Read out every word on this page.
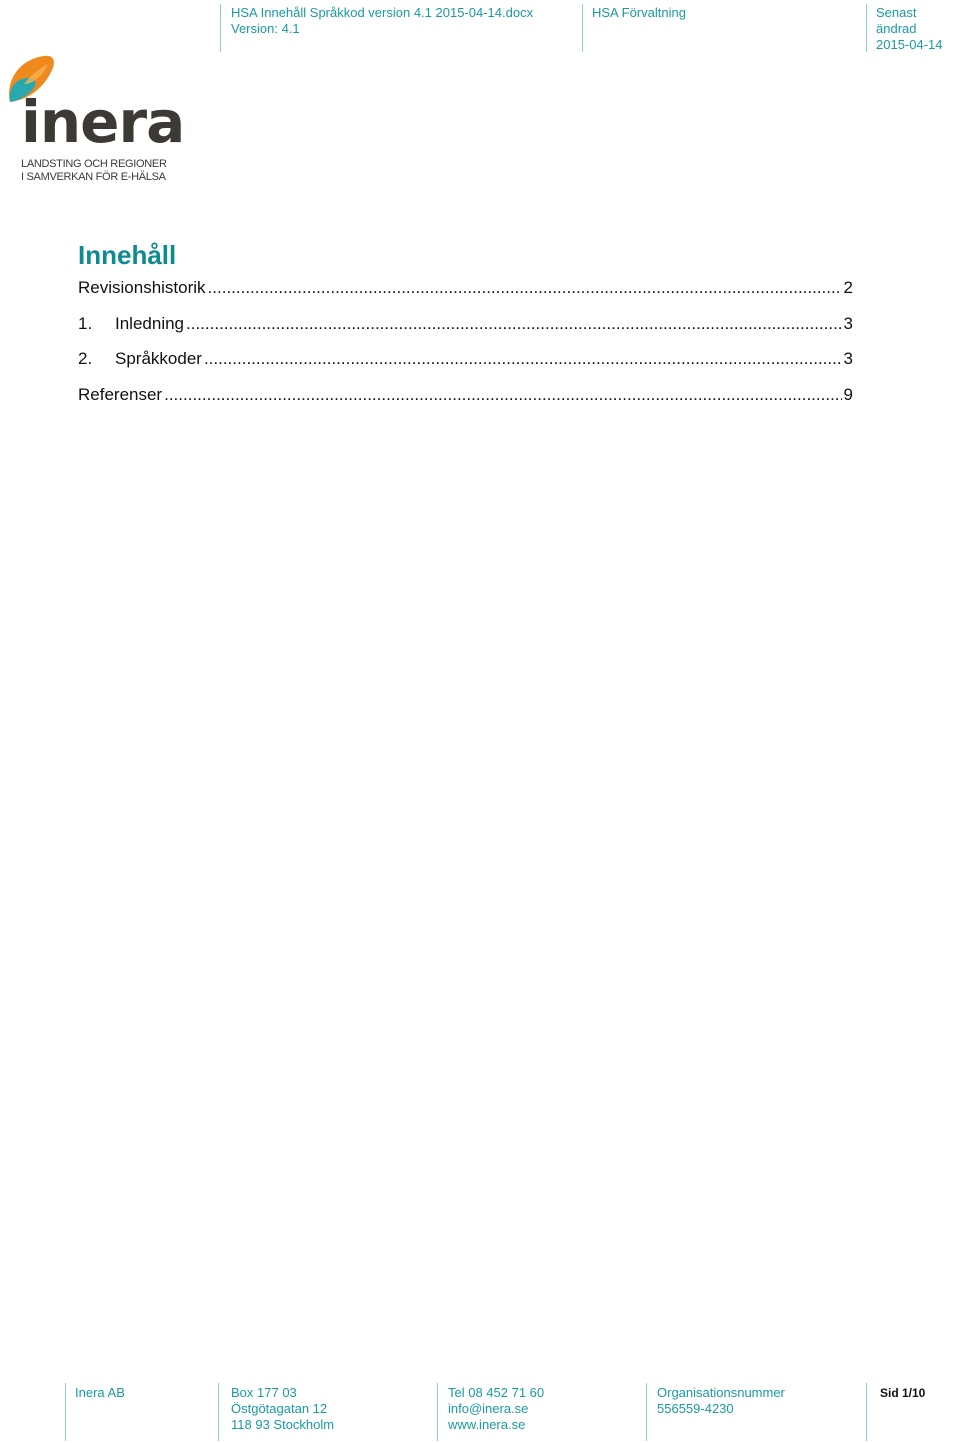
HSA Innehåll Språkkod version 4.1 2015-04-14.docx
Version: 4.1
HSA Förvaltning	Senast ändrad
2015-04-14
inera
LANDSTING OCH REGIONER
I SAMVERKAN FÖR E-HÄLSA
Innehåll
Revisionshistorik .....	2
1.	Inledning .....	3
2.	Språkkoder .....	3
Referenser .....	9
Inera AB	Box 177 03
Östgötagatan 12
118 93 Stockholm
Tel 08 452 71 60
info@inera.se
www.inera.se
Organisationsnummer
556559-4230
Sid 1/10
